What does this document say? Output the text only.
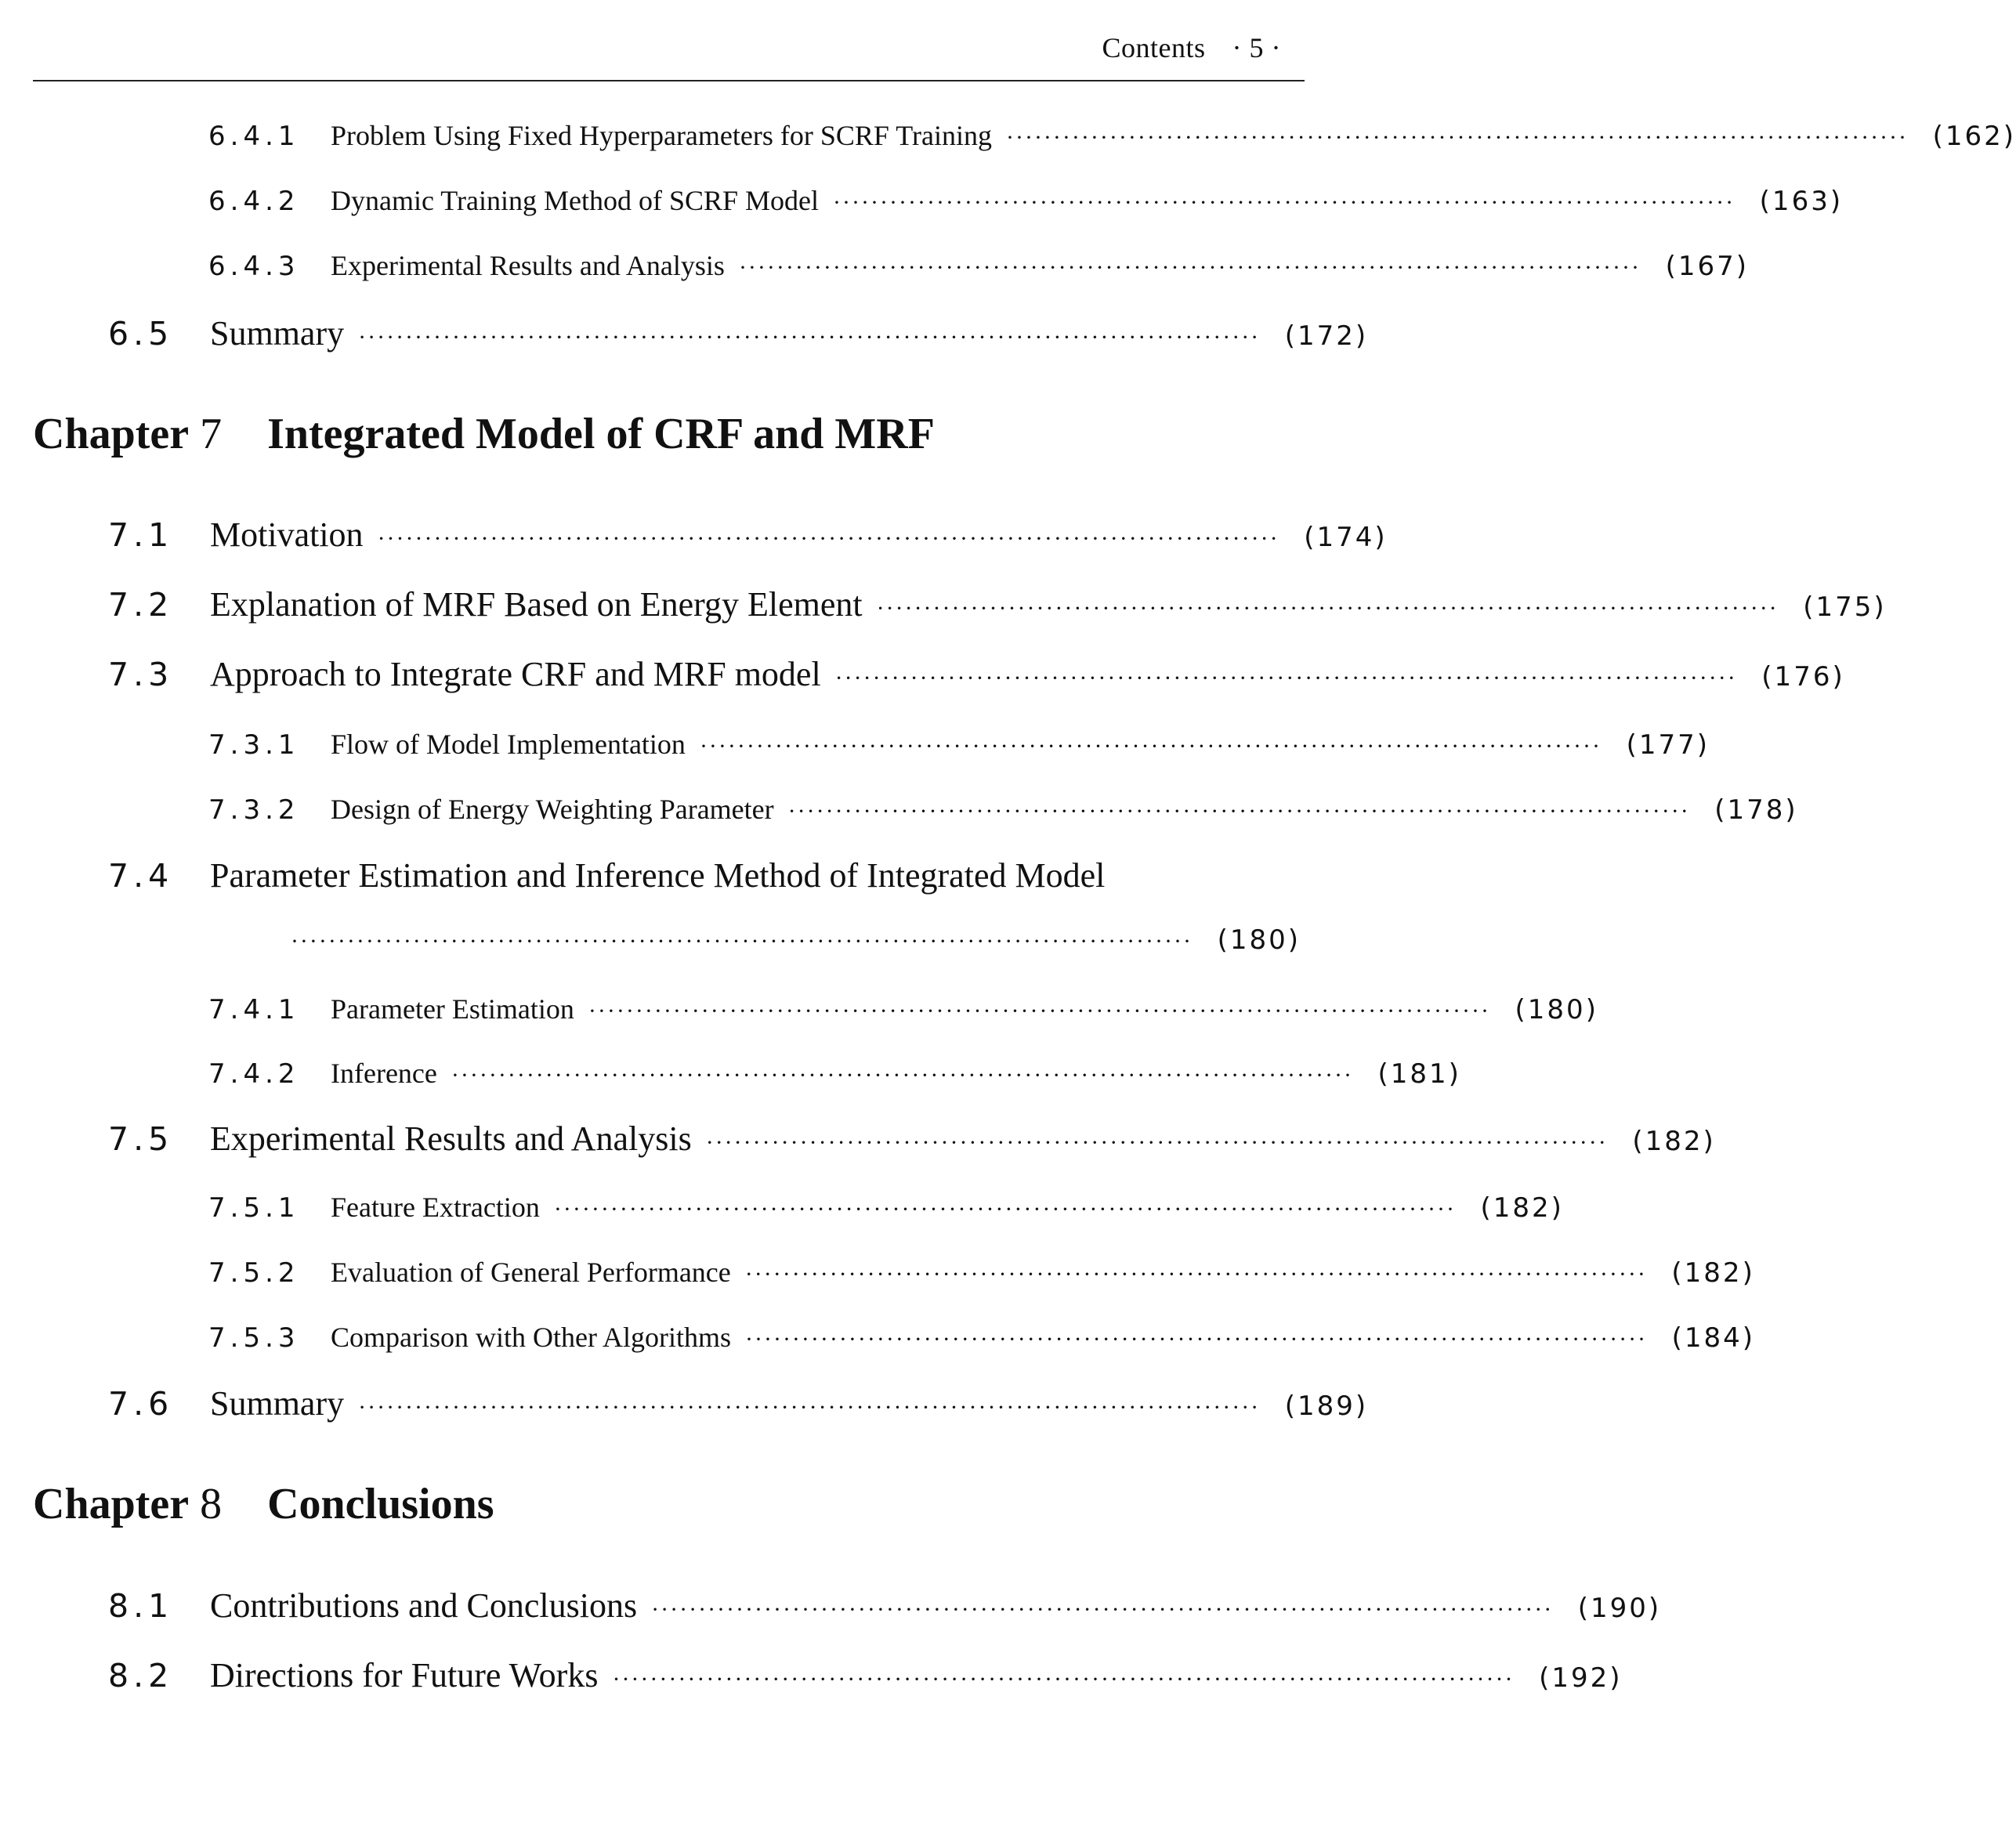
Contents · 5 ·
6.4.1	Problem Using Fixed Hyperparameters for SCRF Training ································································································ (162)
6.4.2	Dynamic Training Method of SCRF Model ································································································ (163)
6.4.3	Experimental Results and Analysis ································································································ (167)
6.5	Summary ································································································ (172)
Chapter 7 Integrated Model of CRF and MRF
7.1	Motivation ································································································ (174)
7.2	Explanation of MRF Based on Energy Element ································································································ (175)
7.3	Approach to Integrate CRF and MRF model ································································································ (176)
7.3.1	Flow of Model Implementation ································································································ (177)
7.3.2	Design of Energy Weighting Parameter ································································································ (178)
7.4	Parameter Estimation and Inference Method of Integrated Model
································································································ (180)
7.4.1	Parameter Estimation ································································································ (180)
7.4.2	Inference ································································································ (181)
7.5	Experimental Results and Analysis ································································································ (182)
7.5.1	Feature Extraction ································································································ (182)
7.5.2	Evaluation of General Performance ································································································ (182)
7.5.3	Comparison with Other Algorithms ································································································ (184)
7.6	Summary ································································································ (189)
Chapter 8 Conclusions
8.1	Contributions and Conclusions ································································································ (190)
8.2	Directions for Future Works ································································································ (192)
